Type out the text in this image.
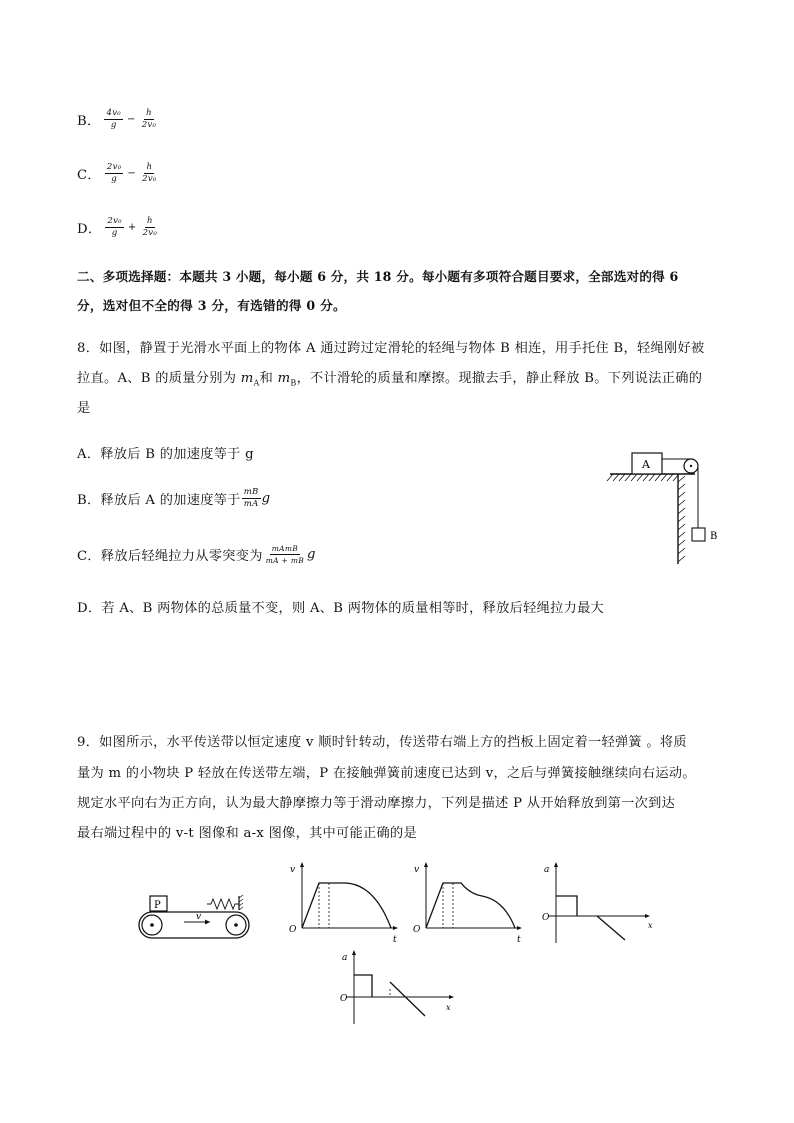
B． $\frac{\text{4v₀}}{g} - \frac{h}{\text{2v₀}}$
C． $\frac{\text{2v₀}}{g} - \frac{h}{\text{2v₀}}$
D． $\frac{\text{2v₀}}{g} + \frac{h}{\text{2v₀}}$
二、多项选择题：本题共 3 小题，每小题 6 分，共 18 分。每小题有多项符合题目要求，全部选对的得 6
分，选对但不全的得 3 分，有选错的得 0 分。
8．如图，静置于光滑水平面上的物体 A 通过跨过定滑轮的轻绳与物体 B 相连，用手托住 B，轻绳刚好被
拉直。A、B 的质量分别为 $m_A$和 $m_B$，不计滑轮的质量和摩擦。现撤去手，静止释放 B。下列说法正确的
是
A．释放后 B 的加速度等于 g
B．释放后 A 的加速度等于 $\frac{mB}{mA}$ g
C．释放后轻绳拉力从零突变为 $\frac{\text{mAmB}}{mA + mB}$ g
D．若 A、B 两物体的总质量不变，则 A、B 两物体的质量相等时，释放后轻绳拉力最大
A
B
9．如图所示，水平传送带以恒定速度 v 顺时针转动，传送带右端上方的挡板上固定着一轻弹簧 。将质
量为 m 的小物块 P 轻放在传送带左端，P 在接触弹簧前速度已达到 v，之后与弹簧接触继续向右运动。
规定水平向右为正方向，认为最大静摩擦力等于滑动摩擦力，下列是描述 P 从开始释放到第一次到达
最右端过程中的 v-t 图像和 a-x 图像，其中可能正确的是
P
v
v
O
t
v
O
t
a
O
x
a
O
x
